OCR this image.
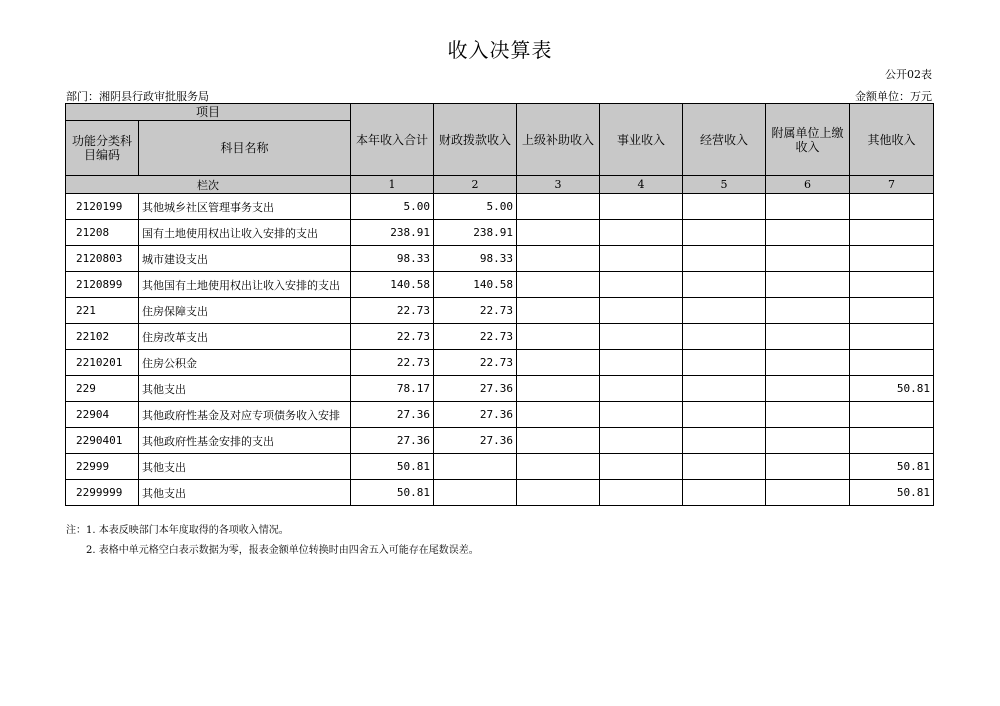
收入决算表
公开02表
部门：湘阴县行政审批服务局	金额单位：万元
项目		本年收入合计	财政拨款收入	上级补助收入	事业收入	经营收入	附属单位上缴收入	其他收入
功能分类科目编码	科目名称							
栏次		1	2	3	4	5	6	7
2120199	其他城乡社区管理事务支出	5.00	5.00					
21208	国有土地使用权出让收入安排的支出	238.91	238.91					
2120803	城市建设支出	98.33	98.33					
2120899	其他国有土地使用权出让收入安排的支出	140.58	140.58					
221	住房保障支出	22.73	22.73					
22102	住房改革支出	22.73	22.73					
2210201	住房公积金	22.73	22.73					
229	其他支出	78.17	27.36					50.81
22904	其他政府性基金及对应专项债务收入安排	27.36	27.36					
2290401	其他政府性基金安排的支出	27.36	27.36					
22999	其他支出	50.81						50.81
2299999	其他支出	50.81						50.81
注：1. 本表反映部门本年度取得的各项收入情况。
2. 表格中单元格空白表示数据为零，报表金额单位转换时由四舍五入可能存在尾数误差。
